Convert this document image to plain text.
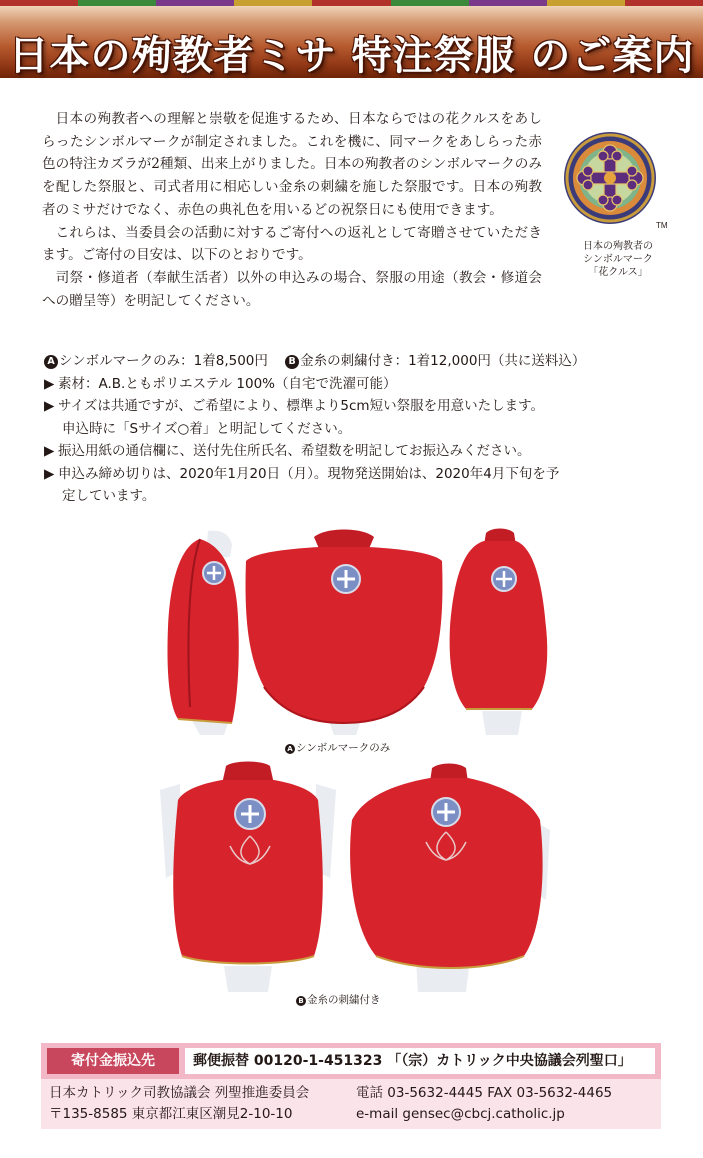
日本の殉教者ミサ 特注祭服 のご案内

日本の殉教者への理解と崇敬を促進するため、日本ならではの花クルスをあしらったシンボルマークが制定されました。これを機に、同マークをあしらった赤色の特注カズラが2種類、出来上がりました。日本の殉教者のシンボルマークのみを配した祭服と、司式者用に相応しい金糸の刺繍を施した祭服です。日本の殉教者のミサだけでなく、赤色の典礼色を用いるどの祝祭日にも使用できます。

これらは、当委員会の活動に対するご寄付への返礼として寄贈させていただきます。ご寄付の目安は、以下のとおりです。

司祭・修道者（奉献生活者）以外の申込みの場合、祭服の用途（教会・修道会への贈呈等）を明記してください。

TM
日本の殉教者の
シンボルマーク
「花クルス」
A シンボルマークのみ：1着8,500円 B 金糸の刺繍付き：1着12,000円（共に送料込）
▶ 素材：A.B.ともポリエステル 100%（自宅で洗濯可能）
▶ サイズは共通ですが、ご希望により、標準より5cm短い祭服を用意いたします。
申込時に「Sサイズ○着」と明記してください。
▶ 振込用紙の通信欄に、送付先住所氏名、希望数を明記してお振込みください。
▶ 申込み締め切りは、2020年1月20日（月）。現物発送開始は、2020年4月下旬を予
定しています。
A シンボルマークのみ
B 金糸の刺繍付き
寄付金振込先	郵便振替 00120-1-451323 「（宗）カトリック中央協議会列聖口」
日本カトリック司教協議会 列聖推進委員会
〒135-8585 東京都江東区潮見2-10-10
電話 03-5632-4445 FAX 03-5632-4465
e-mail gensec@cbcj.catholic.jp
